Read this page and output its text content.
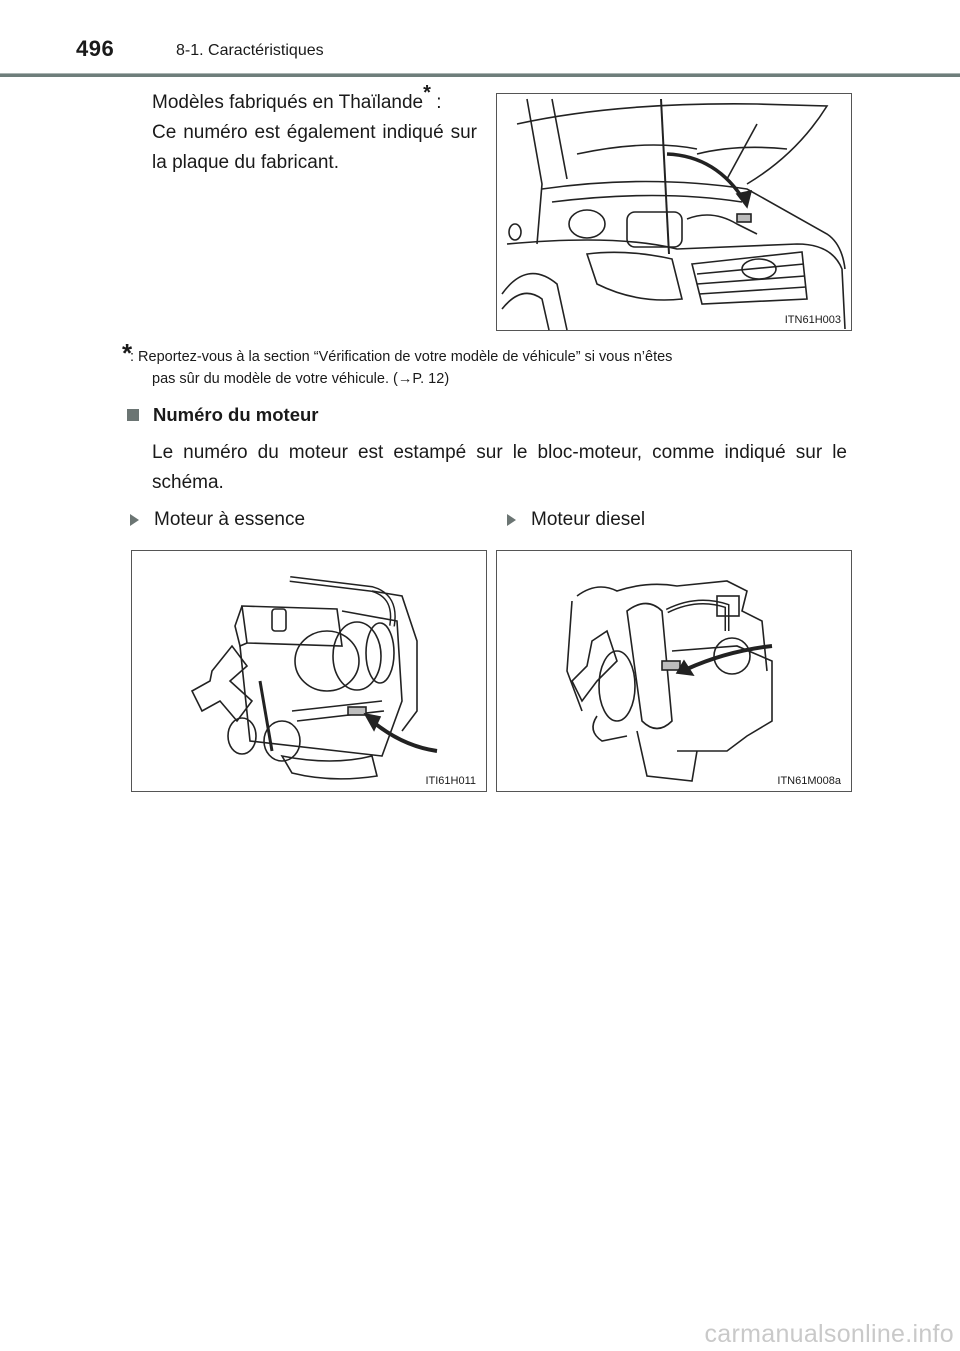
496	8-1. Caractéristiques
Modèles fabriqués en Thaïlande* :
Ce numéro est également indiqué sur la plaque du fabricant.
ITN61H003
*
: Reportez-vous à la section “Vérification de votre modèle de véhicule” si vous n’êtes
pas sûr du modèle de votre véhicule. (→P. 12)
Numéro du moteur
Le numéro du moteur est estampé sur le bloc-moteur, comme indiqué sur le schéma.
Moteur à essence	Moteur diesel
ITI61H011	ITN61M008a
carmanualsonline.info
